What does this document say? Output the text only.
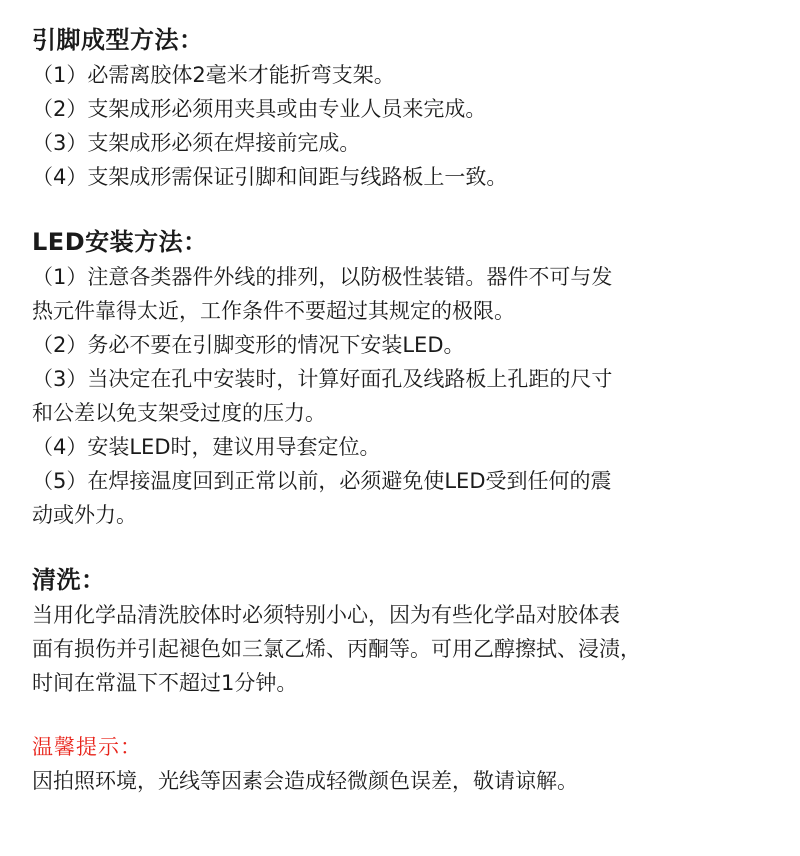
引脚成型方法：

（1）必需离胶体2毫米才能折弯支架。

（2）支架成形必须用夹具或由专业人员来完成。

（3）支架成形必须在焊接前完成。

（4）支架成形需保证引脚和间距与线路板上一致。

LED安装方法：

（1）注意各类器件外线的排列，以防极性装错。器件不可与发

热元件靠得太近，工作条件不要超过其规定的极限。

（2）务必不要在引脚变形的情况下安装LED。

（3）当决定在孔中安装时，计算好面孔及线路板上孔距的尺寸

和公差以免支架受过度的压力。

（4）安装LED时，建议用导套定位。

（5）在焊接温度回到正常以前，必须避免使LED受到任何的震

动或外力。

清洗：

当用化学品清洗胶体时必须特别小心，因为有些化学品对胶体表

面有损伤并引起褪色如三氯乙烯、丙酮等。可用乙醇擦拭、浸渍，

时间在常温下不超过1分钟。

温馨提示：

因拍照环境，光线等因素会造成轻微颜色误差，敬请谅解。
